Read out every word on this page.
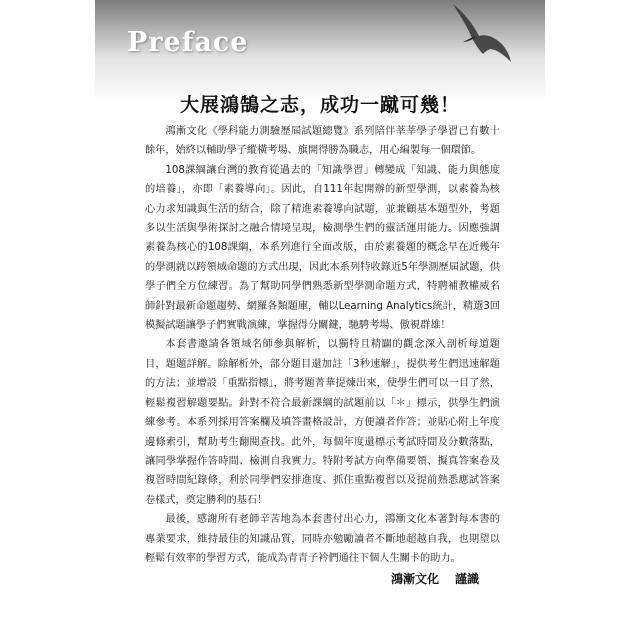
Preface
大展鴻鵠之志，成功一蹴可幾！

鴻漸文化《學科能力測驗歷屆試題總覽》系列陪伴莘莘學子學習已有數十餘年，始終以輔助學子縱橫考場、旗開得勝為職志，用心編製每一個環節。

108課綱讓台灣的教育從過去的「知識學習」轉變成「知識、能力與態度的培養」，亦即「素養導向」。因此，自111年起開辦的新型學測，以素養為核心力求知識與生活的結合，除了精進素養導向試題，並兼顧基本題型外，考題多以生活與學術探討之融合情境呈現，檢測學生們的靈活運用能力。因應強調素養為核心的108課綱，本系列進行全面改版，由於素養題的概念早在近幾年的學測就以跨領域命題的方式出現，因此本系列特收錄近5年學測歷屆試題，供學子們全方位練習。為了幫助同學們熟悉新型學測命題方式，特聘補教權威名師針對最新命題趨勢、網羅各類題庫，輔以Learning Analytics統計，精選3回模擬試題讓學子們實戰演練，掌握得分關鍵，馳騁考場、傲視群雄！

本套書邀請各領域名師參與解析，以獨特且精闢的觀念深入剖析每道題目，題題詳解。除解析外，部分題目還加註「3秒速解」，提供考生們迅速解題的方法；並增設「重點指標」，將考題菁華提煉出來，使學生們可以一目了然，輕鬆複習解題要點。針對不符合最新課綱的試題前以「＊」標示，供學生們演練參考。本系列採用答案欄及填答畫格設計，方便讀者作答；並貼心附上年度邊條索引，幫助考生翻閱查找。此外，每個年度還標示考試時間及分數落點，讓同學掌握作答時間、檢測自我實力。特附考試方向準備要領、擬真答案卷及複習時間紀錄條，利於同學們安排進度、抓住重點複習以及提前熟悉應試答案卷樣式，奠定勝利的基石！

最後，感謝所有老師辛苦地為本套書付出心力，鴻漸文化本著對每本書的專業要求，維持最佳的知識品質，同時亦勉勵讀者不斷地超越自我，也期望以輕鬆有效率的學習方式，能成為青青子衿們通往下個人生關卡的助力。

鴻漸文化 謹識
